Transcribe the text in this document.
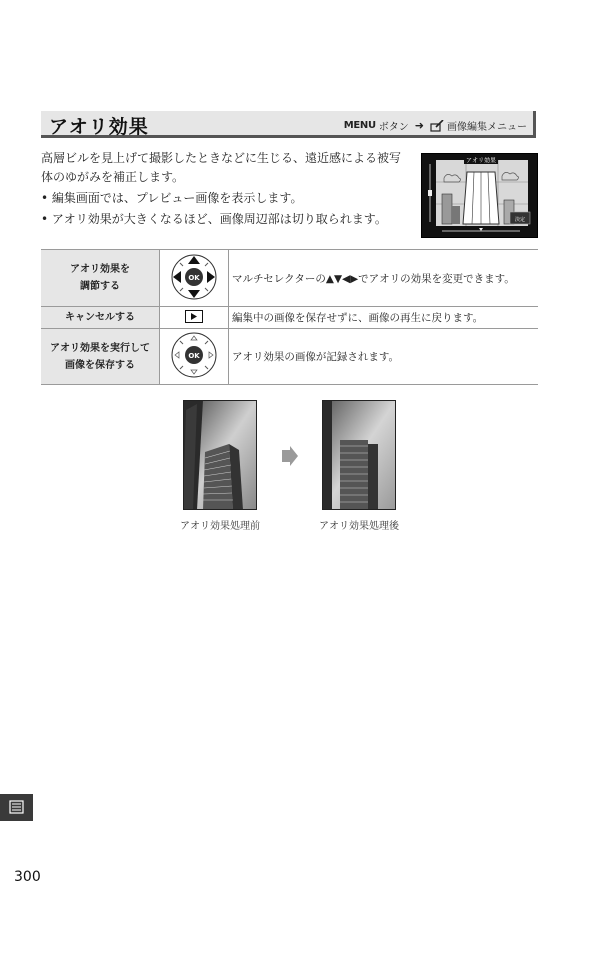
アオリ効果	MENU ボタン ➜ 画像編集メニュー

高層ビルを見上げて撮影したときなどに生じる、遠近感による被写体のゆがみを補正します。

• 編集画面では、プレビュー画像を表示します。

• アオリ効果が大きくなるほど、画像周辺部は切り取られます。

アオリ効果
決定
アオリ効果を
調節する	OK	マルチセレクターの▲▼◀▶でアオリの効果を変更できます。

キャンセルする		編集中の画像を保存せずに、画像の再生に戻ります。

アオリ効果を実行して
画像を保存する	OK	アオリ効果の画像が記録されます。
アオリ効果処理前	アオリ効果処理後
300
